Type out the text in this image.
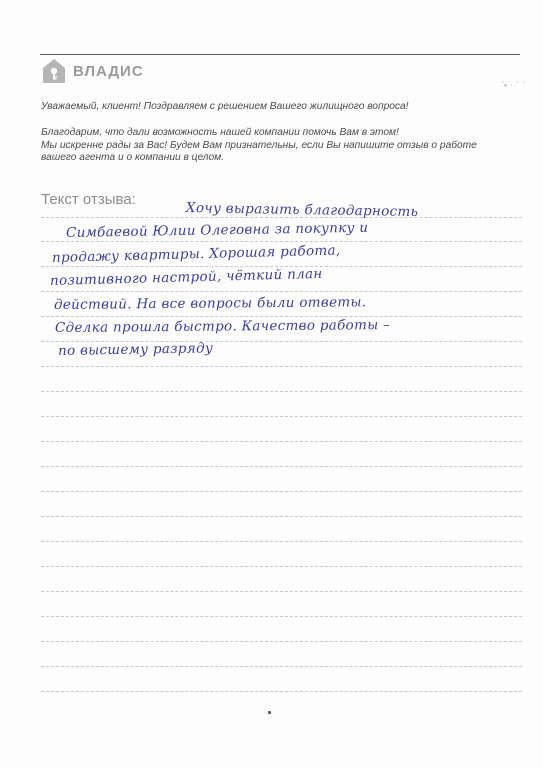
ВЛАДИС
ﾞ••ﾞ ﾞ
Уважаемый, клиент! Поздравляем с решением Вашего жилищного вопроса!
Благодарим, что дали возможность нашей компании помочь Вам в этом!
Мы искренне рады за Вас! Будем Вам признательны, если Вы напишите отзыв о работе
вашего агента и о компании в целом.
Текст отзыва:
Хочу выразить благодарность
Симбаевой Юлии Олеговна за покупку и
продажу квартиры. Хорошая работа,
позитивного настрой, чёткий план
действий. На все вопросы были ответы.
Сделка прошла быстро. Качество работы –
по высшему разряду
